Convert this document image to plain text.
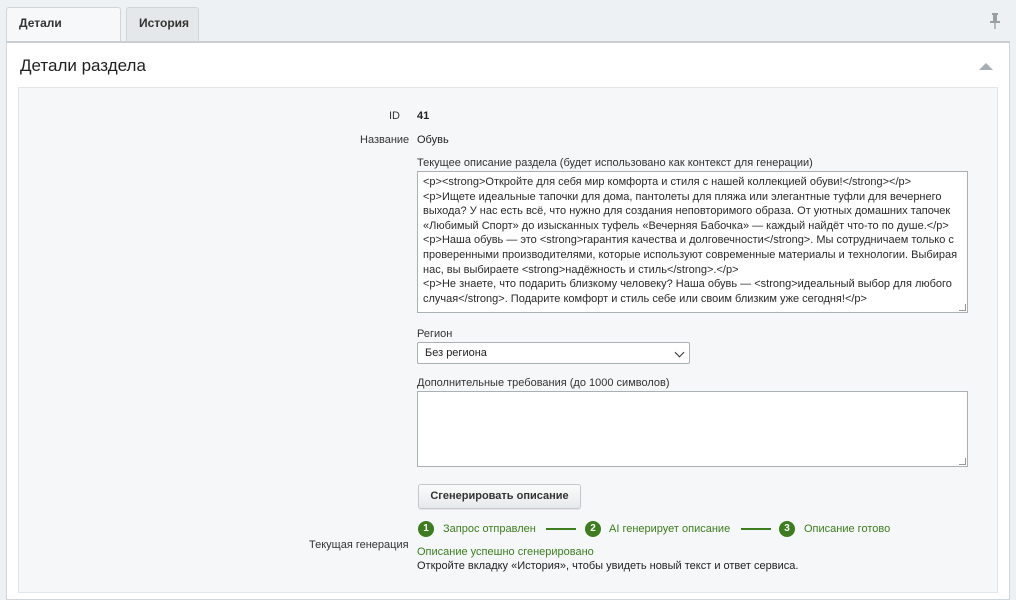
Детали	История
Детали раздела
ID 41
Название Обувь
Текущее описание раздела (будет использовано как контекст для генерации)
<p><strong>Откройте для себя мир комфорта и стиля с нашей коллекцией обуви!</strong></p>
<p>Ищете идеальные тапочки для дома, пантолеты для пляжа или элегантные туфли для вечернего выхода? У нас есть всё, что нужно для создания неповторимого образа. От уютных домашних тапочек «Любимый Спорт» до изысканных туфель «Вечерняя Бабочка» — каждый найдёт что-то по душе.</p>
<p>Наша обувь — это <strong>гарантия качества и долговечности</strong>. Мы сотрудничаем только с проверенными производителями, которые используют современные материалы и технологии. Выбирая нас, вы выбираете <strong>надёжность и стиль</strong>.</p>
<p>Не знаете, что подарить близкому человеку? Наша обувь — <strong>идеальный выбор для любого случая</strong>. Подарите комфорт и стиль себе или своим близким уже сегодня!</p>
Регион
Без региона
Дополнительные требования (до 1000 символов)
Сгенерировать описание
1	Запрос отправлен	2	AI генерирует описание	3	Описание готово
Текущая генерация
Описание успешно сгенерировано
Откройте вкладку «История», чтобы увидеть новый текст и ответ сервиса.
